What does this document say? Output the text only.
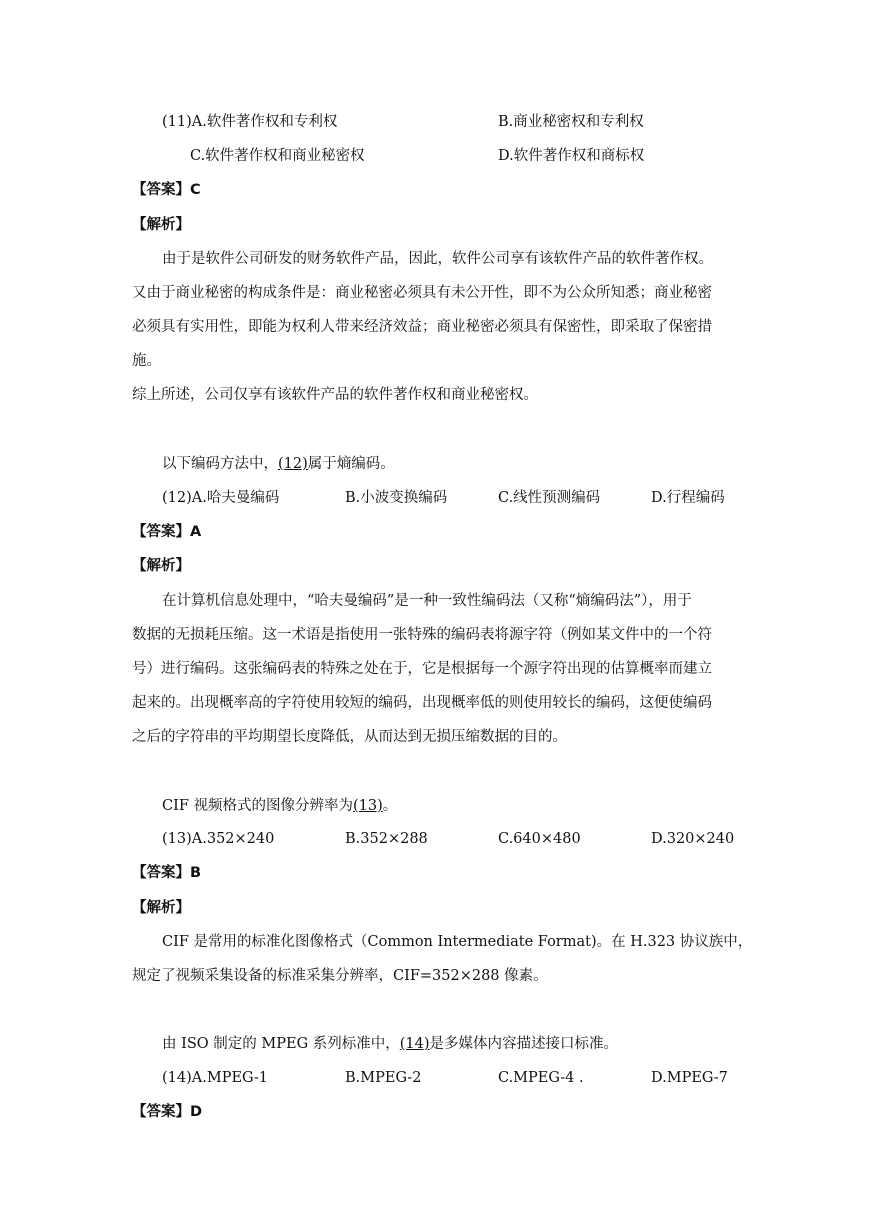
(11)A.软件著作权和专利权	B.商业秘密权和专利权
C.软件著作权和商业秘密权	D.软件著作权和商标权
【答案】C
【解析】
由于是软件公司研发的财务软件产品，因此，软件公司享有该软件产品的软件著作权。
又由于商业秘密的构成条件是：商业秘密必须具有未公开性，即不为公众所知悉；商业秘密
必须具有实用性，即能为权利人带来经济效益；商业秘密必须具有保密性，即采取了保密措
施。
综上所述，公司仅享有该软件产品的软件著作权和商业秘密权。
以下编码方法中，(12)属于熵编码。
(12)A.哈夫曼编码	B.小波变换编码	C.线性预测编码	D.行程编码
【答案】A
【解析】
在计算机信息处理中，“哈夫曼编码”是一种一致性编码法（又称“熵编码法”），用于
数据的无损耗压缩。这一术语是指使用一张特殊的编码表将源字符（例如某文件中的一个符
号）进行编码。这张编码表的特殊之处在于，它是根据每一个源字符出现的估算概率而建立
起来的。出现概率高的字符使用较短的编码，出现概率低的则使用较长的编码，这便使编码
之后的字符串的平均期望长度降低，从而达到无损压缩数据的目的。
CIF 视频格式的图像分辨率为(13)。
(13)A.352×240	B.352×288	C.640×480	D.320×240
【答案】B
【解析】
CIF 是常用的标准化图像格式（Common Intermediate Format)。在 H.323 协议族中，
规定了视频采集设备的标准采集分辨率，CIF=352×288 像素。
由 ISO 制定的 MPEG 系列标准中，(14)是多媒体内容描述接口标准。
(14)A.MPEG-1	B.MPEG-2	C.MPEG-4 .	D.MPEG-7
【答案】D
